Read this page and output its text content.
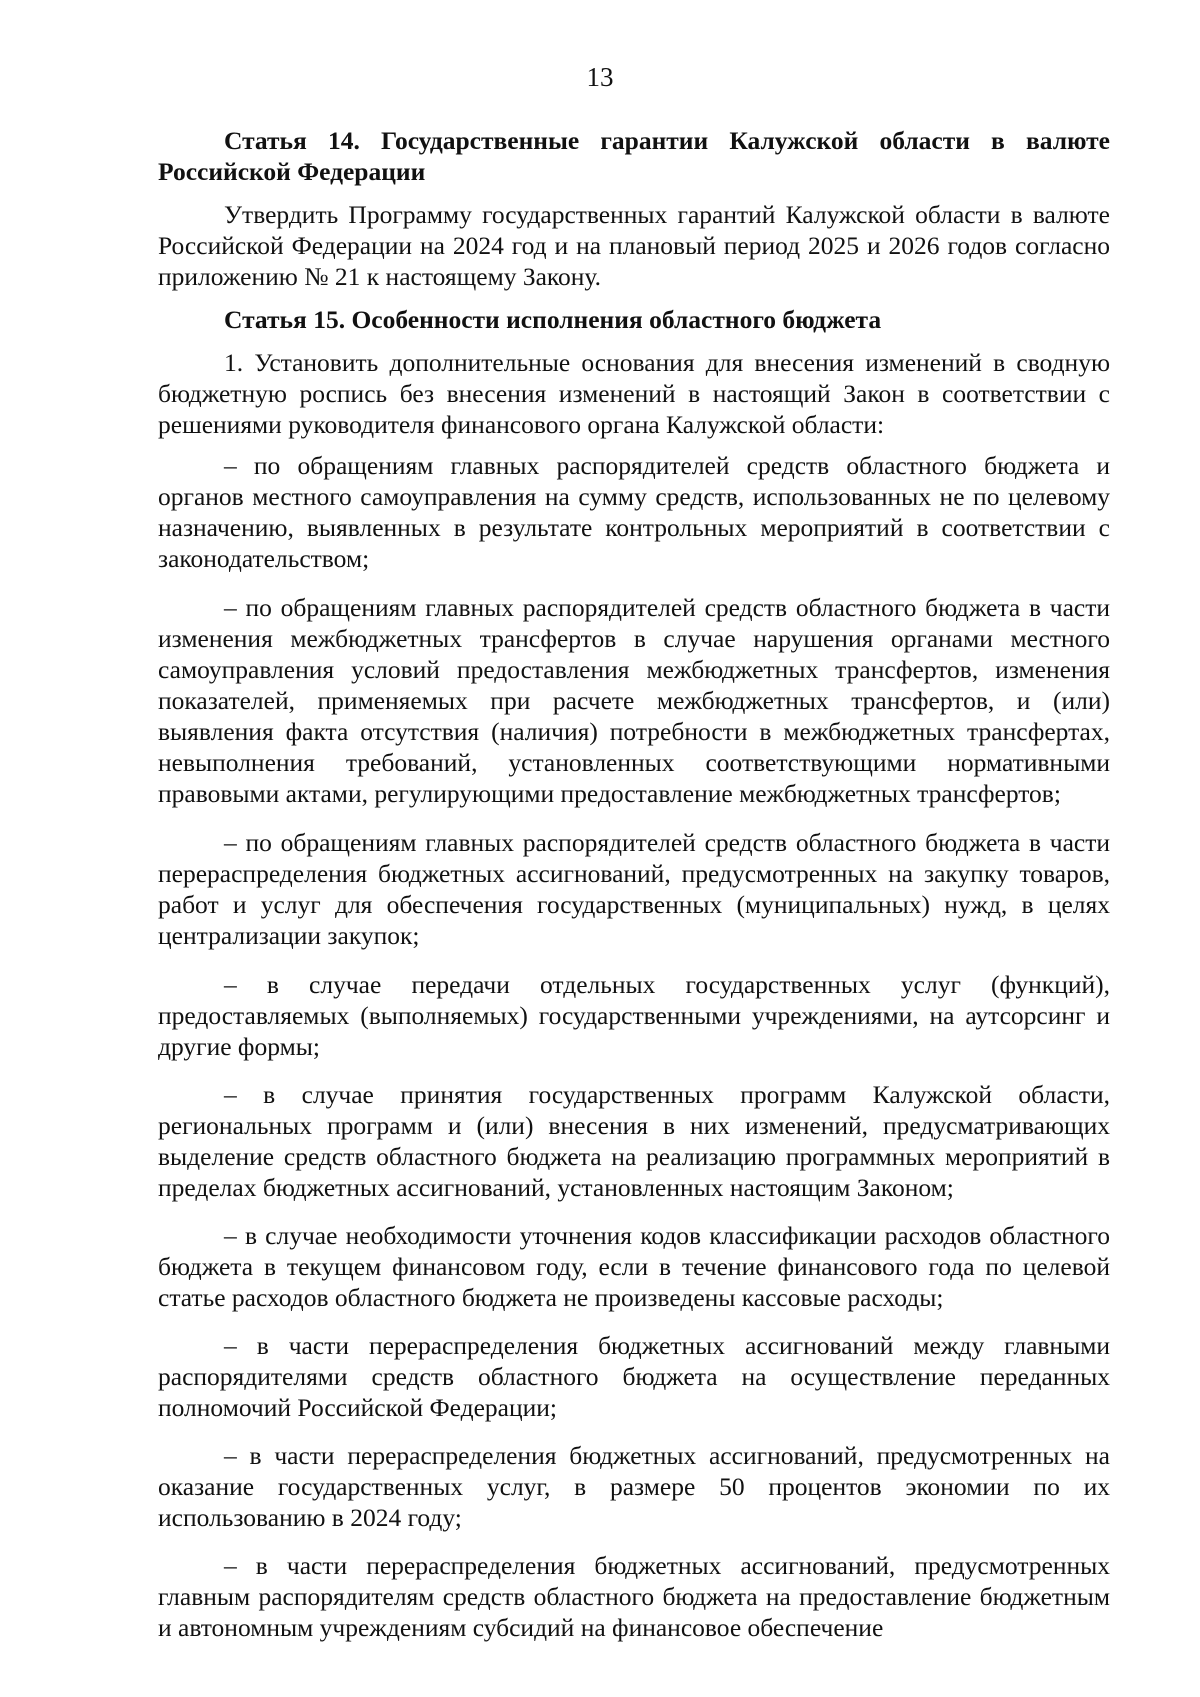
13
Статья 14. Государственные гарантии Калужской области в валюте Российской Федерации

Утвердить Программу государственных гарантий Калужской области в валюте Российской Федерации на 2024 год и на плановый период 2025 и 2026 годов согласно приложению № 21 к настоящему Закону.

Статья 15. Особенности исполнения областного бюджета

1. Установить дополнительные основания для внесения изменений в сводную бюджетную роспись без внесения изменений в настоящий Закон в соответствии с решениями руководителя финансового органа Калужской области:

– по обращениям главных распорядителей средств областного бюджета и органов местного самоуправления на сумму средств, использованных не по целевому назначению, выявленных в результате контрольных мероприятий в соответствии с законодательством;

– по обращениям главных распорядителей средств областного бюджета в части изменения межбюджетных трансфертов в случае нарушения органами местного самоуправления условий предоставления межбюджетных трансфертов, изменения показателей, применяемых при расчете межбюджетных трансфертов, и (или) выявления факта отсутствия (наличия) потребности в межбюджетных трансфертах, невыполнения требований, установленных соответствующими нормативными правовыми актами, регулирующими предоставление межбюджетных трансфертов;

– по обращениям главных распорядителей средств областного бюджета в части перераспределения бюджетных ассигнований, предусмотренных на закупку товаров, работ и услуг для обеспечения государственных (муниципальных) нужд, в целях централизации закупок;

– в случае передачи отдельных государственных услуг (функций), предоставляемых (выполняемых) государственными учреждениями, на аутсорсинг и другие формы;

– в случае принятия государственных программ Калужской области, региональных программ и (или) внесения в них изменений, предусматривающих выделение средств областного бюджета на реализацию программных мероприятий в пределах бюджетных ассигнований, установленных настоящим Законом;

– в случае необходимости уточнения кодов классификации расходов областного бюджета в текущем финансовом году, если в течение финансового года по целевой статье расходов областного бюджета не произведены кассовые расходы;

– в части перераспределения бюджетных ассигнований между главными распорядителями средств областного бюджета на осуществление переданных полномочий Российской Федерации;

– в части перераспределения бюджетных ассигнований, предусмотренных на оказание государственных услуг, в размере 50 процентов экономии по их использованию в 2024 году;

– в части перераспределения бюджетных ассигнований, предусмотренных главным распорядителям средств областного бюджета на предоставление бюджетным и автономным учреждениям субсидий на финансовое обеспечение
